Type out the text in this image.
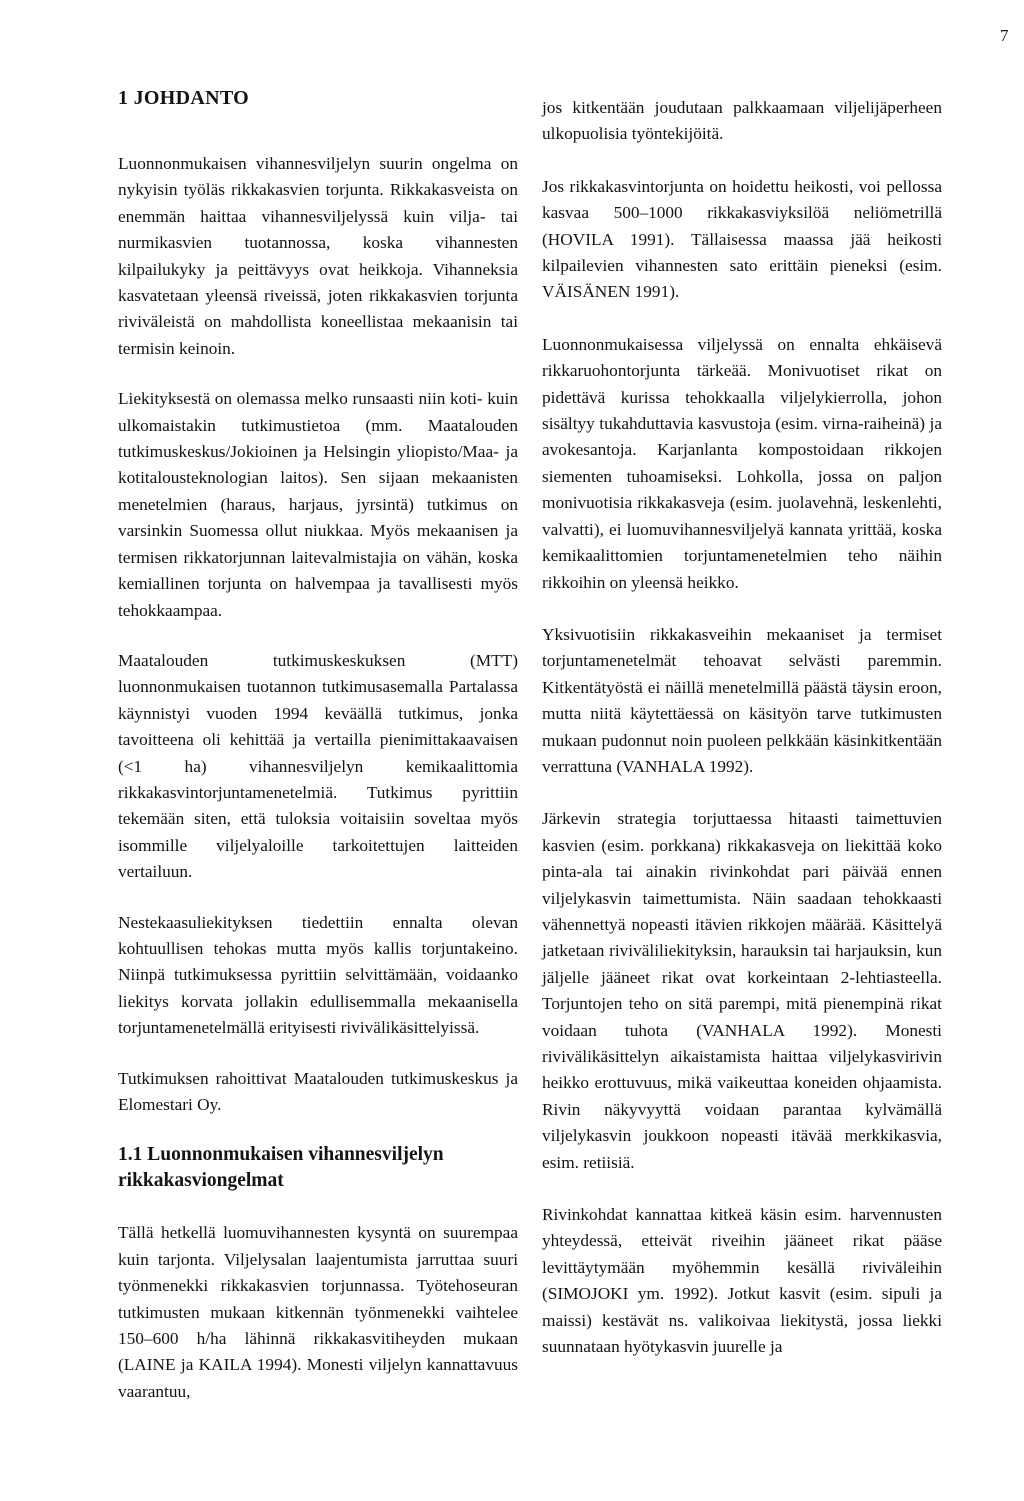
7
1 JOHDANTO

Luonnonmukaisen vihannesviljelyn suurin ongelma on nykyisin työläs rikkakasvien torjunta. Rikkakasveista on enemmän haittaa vihannesviljelyssä kuin vilja- tai nurmikasvien tuotannossa, koska vihannesten kilpailukyky ja peittävyys ovat heikkoja. Vihanneksia kasvatetaan yleensä riveissä, joten rikkakasvien torjunta riviväleistä on mahdollista koneellistaa mekaanisin tai termisin keinoin.

Liekityksestä on olemassa melko runsaasti niin koti- kuin ulkomaistakin tutkimustietoa (mm. Maatalouden tutkimuskeskus/Jokioinen ja Helsingin yliopisto/Maa- ja kotitalousteknologian laitos). Sen sijaan mekaanisten menetelmien (haraus, harjaus, jyrsintä) tutkimus on varsinkin Suomessa ollut niukkaa. Myös mekaanisen ja termisen rikkatorjunnan laitevalmistajia on vähän, koska kemiallinen torjunta on halvempaa ja tavallisesti myös tehokkaampaa.

Maatalouden tutkimuskeskuksen (MTT) luonnonmukaisen tuotannon tutkimusasemalla Partalassa käynnistyi vuoden 1994 keväällä tutkimus, jonka tavoitteena oli kehittää ja vertailla pienimittakaavaisen (<1 ha) vihannesviljelyn kemikaalittomia rikkakasvintorjuntamenetelmiä. Tutkimus pyrittiin tekemään siten, että tuloksia voitaisiin soveltaa myös isommille viljelyaloille tarkoitettujen laitteiden vertailuun.

Nestekaasuliekityksen tiedettiin ennalta olevan kohtuullisen tehokas mutta myös kallis torjuntakeino. Niinpä tutkimuksessa pyrittiin selvittämään, voidaanko liekitys korvata jollakin edullisemmalla mekaanisella torjuntamenetelmällä erityisesti rivivälikäsittelyissä.

Tutkimuksen rahoittivat Maatalouden tutkimuskeskus ja Elomestari Oy.

1.1 Luonnonmukaisen vihannesviljelyn rikkakasviongelmat

Tällä hetkellä luomuvihannesten kysyntä on suurempaa kuin tarjonta. Viljelysalan laajentumista jarruttaa suuri työnmenekki rikkakasvien torjunnassa. Työtehoseuran tutkimusten mukaan kitkennän työnmenekki vaihtelee 150–600 h/ha lähinnä rikkakasvitiheyden mukaan (LAINE ja KAILA 1994). Monesti viljelyn kannattavuus vaarantuu,

jos kitkentään joudutaan palkkaamaan viljelijäperheen ulkopuolisia työntekijöitä.

Jos rikkakasvintorjunta on hoidettu heikosti, voi pellossa kasvaa 500–1000 rikkakasviyksilöä neliömetrillä (HOVILA 1991). Tällaisessa maassa jää heikosti kilpailevien vihannesten sato erittäin pieneksi (esim. VÄISÄNEN 1991).

Luonnonmukaisessa viljelyssä on ennalta ehkäisevä rikkaruohontorjunta tärkeää. Monivuotiset rikat on pidettävä kurissa tehokkaalla viljelykierrolla, johon sisältyy tukahduttavia kasvustoja (esim. virna-raiheinä) ja avokesantoja. Karjanlanta kompostoidaan rikkojen siementen tuhoamiseksi. Lohkolla, jossa on paljon monivuotisia rikkakasveja (esim. juolavehnä, leskenlehti, valvatti), ei luomuvihannesviljelyä kannata yrittää, koska kemikaalittomien torjuntamenetelmien teho näihin rikkoihin on yleensä heikko.

Yksivuotisiin rikkakasveihin mekaaniset ja termiset torjuntamenetelmät tehoavat selvästi paremmin. Kitkentätyöstä ei näillä menetelmillä päästä täysin eroon, mutta niitä käytettäessä on käsityön tarve tutkimusten mukaan pudonnut noin puoleen pelkkään käsinkitkentään verrattuna (VANHALA 1992).

Järkevin strategia torjuttaessa hitaasti taimettuvien kasvien (esim. porkkana) rikkakasveja on liekittää koko pinta-ala tai ainakin rivinkohdat pari päivää ennen viljelykasvin taimettumista. Näin saadaan tehokkaasti vähennettyä nopeasti itävien rikkojen määrää. Käsittelyä jatketaan riviväliliekityksin, harauksin tai harjauksin, kun jäljelle jääneet rikat ovat korkeintaan 2-lehtiasteella. Torjuntojen teho on sitä parempi, mitä pienempinä rikat voidaan tuhota (VANHALA 1992). Monesti rivivälikäsittelyn aikaistamista haittaa viljelykasvirivin heikko erottuvuus, mikä vaikeuttaa koneiden ohjaamista. Rivin näkyvyyttä voidaan parantaa kylvämällä viljelykasvin joukkoon nopeasti itävää merkkikasvia, esim. retiisiä.

Rivinkohdat kannattaa kitkeä käsin esim. harvennusten yhteydessä, etteivät riveihin jääneet rikat pääse levittäytymään myöhemmin kesällä riviväleihin (SIMOJOKI ym. 1992). Jotkut kasvit (esim. sipuli ja maissi) kestävät ns. valikoivaa liekitystä, jossa liekki suunnataan hyötykasvin juurelle ja
